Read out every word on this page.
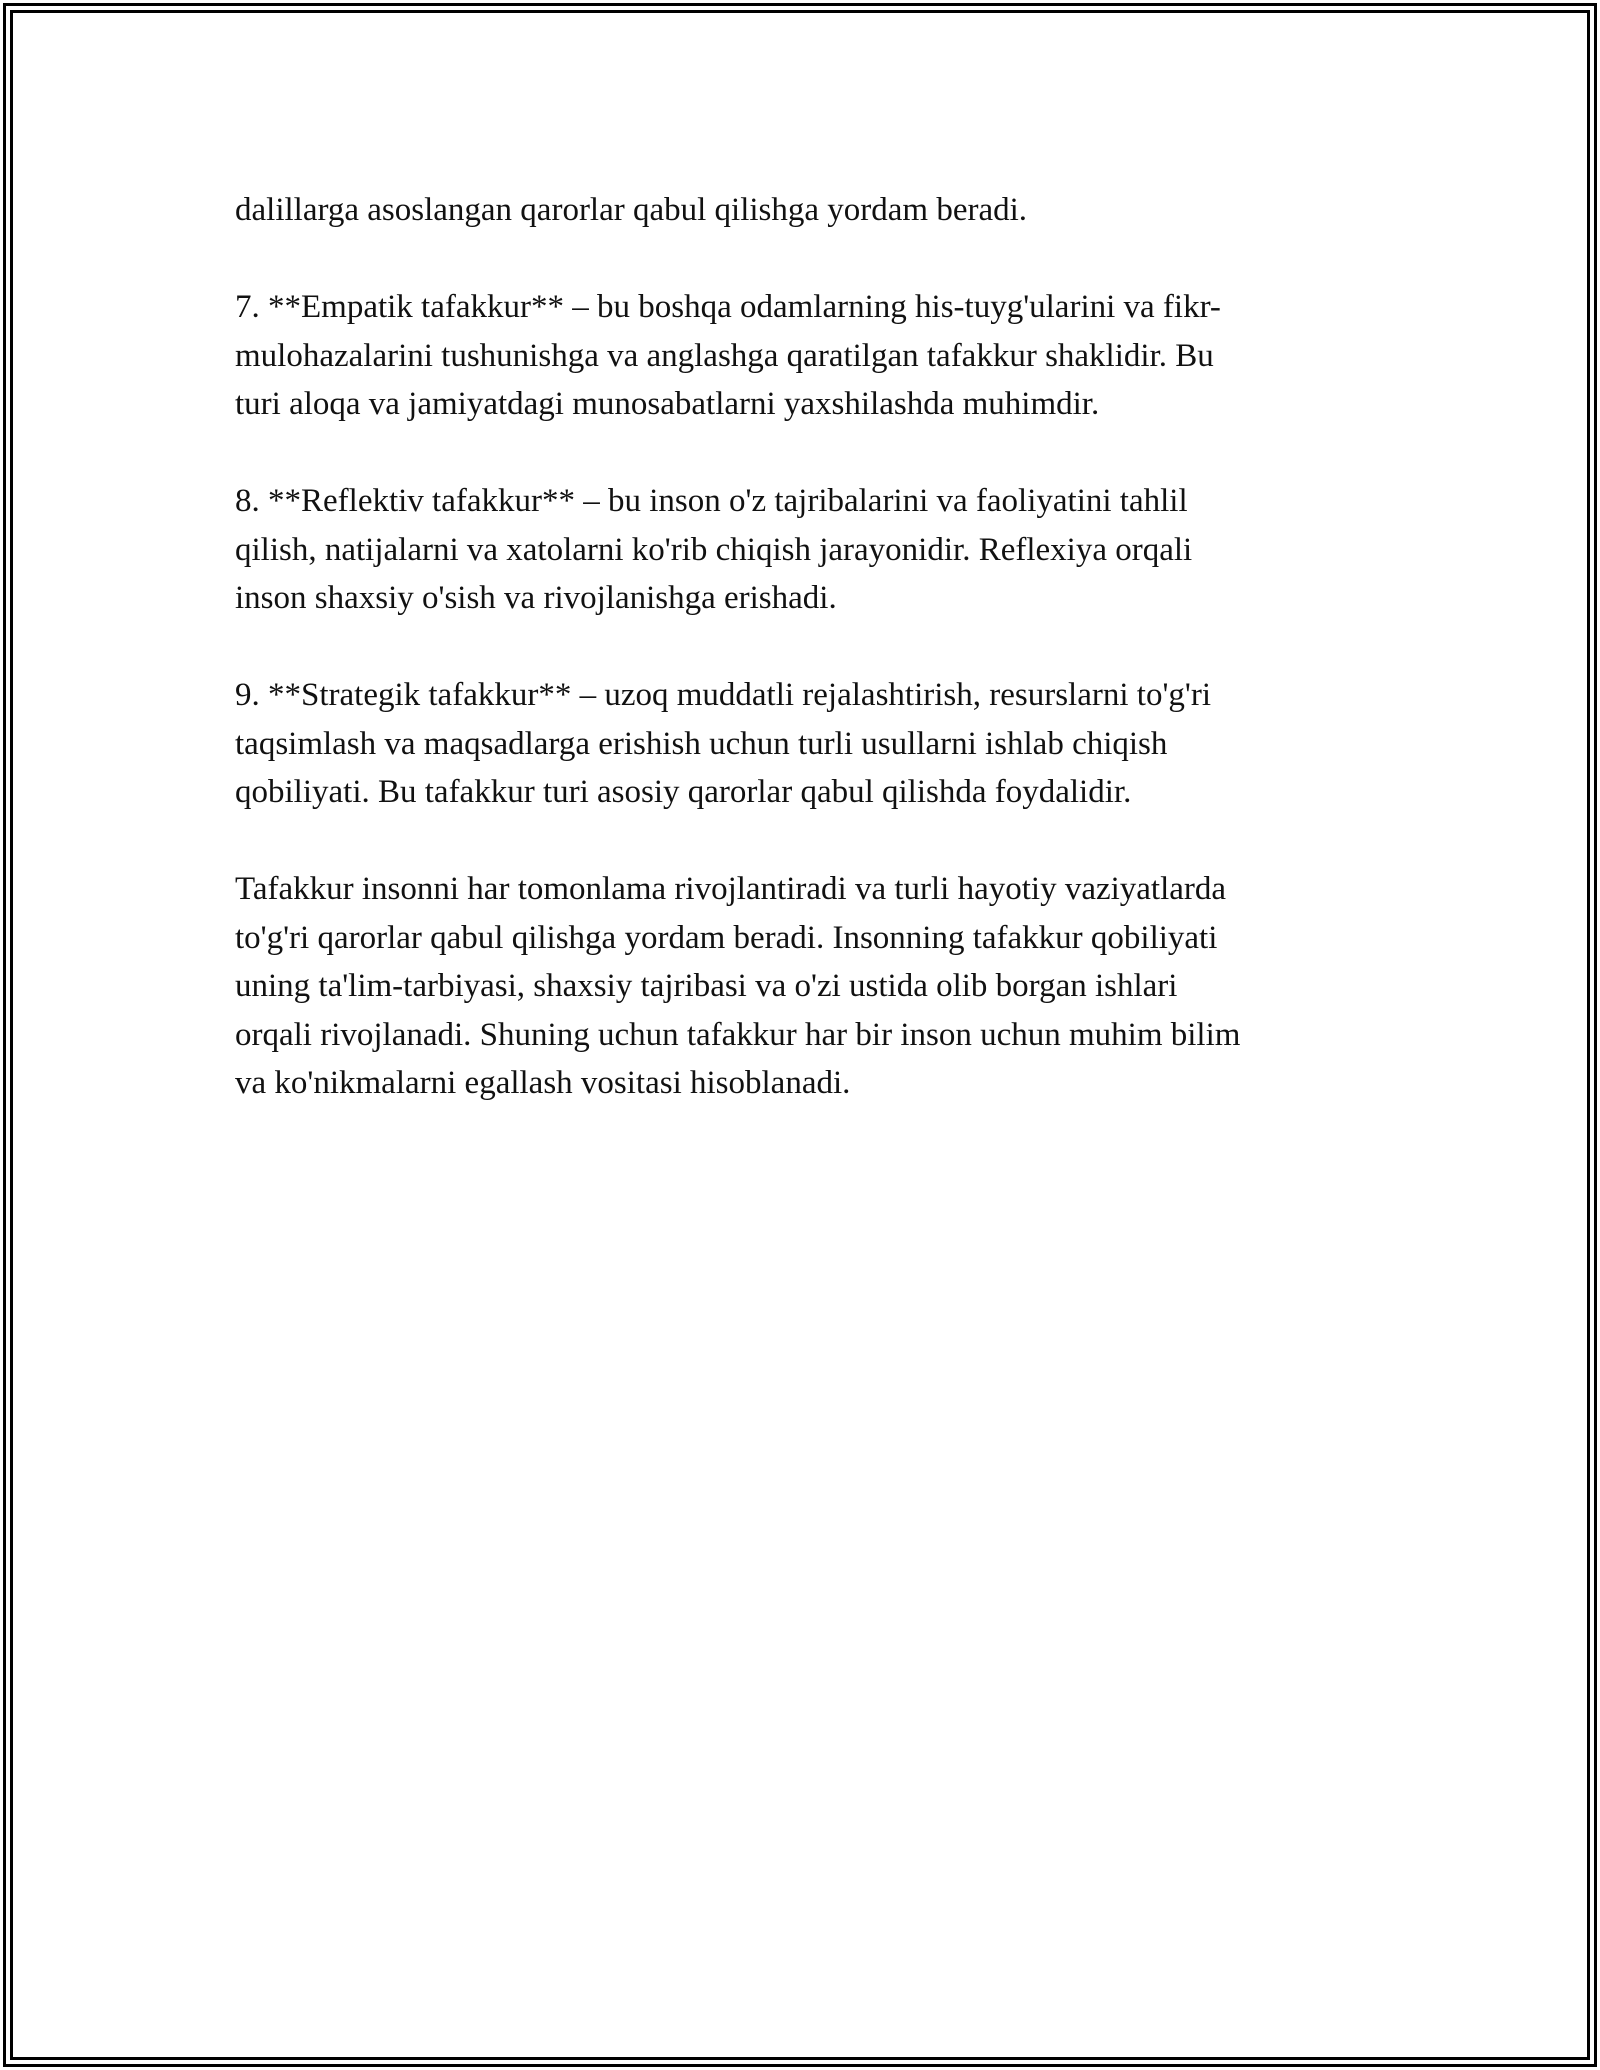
dalillarga asoslangan qarorlar qabul qilishga yordam beradi.

7. **Empatik tafakkur** – bu boshqa odamlarning his-tuyg'ularini va fikr-
mulohazalarini tushunishga va anglashga qaratilgan tafakkur shaklidir. Bu
turi aloqa va jamiyatdagi munosabatlarni yaxshilashda muhimdir.

8. **Reflektiv tafakkur** – bu inson o'z tajribalarini va faoliyatini tahlil
qilish, natijalarni va xatolarni ko'rib chiqish jarayonidir. Reflexiya orqali
inson shaxsiy o'sish va rivojlanishga erishadi.

9. **Strategik tafakkur** – uzoq muddatli rejalashtirish, resurslarni to'g'ri
taqsimlash va maqsadlarga erishish uchun turli usullarni ishlab chiqish
qobiliyati. Bu tafakkur turi asosiy qarorlar qabul qilishda foydalidir.

Tafakkur insonni har tomonlama rivojlantiradi va turli hayotiy vaziyatlarda
to'g'ri qarorlar qabul qilishga yordam beradi. Insonning tafakkur qobiliyati
uning ta'lim-tarbiyasi, shaxsiy tajribasi va o'zi ustida olib borgan ishlari
orqali rivojlanadi. Shuning uchun tafakkur har bir inson uchun muhim bilim
va ko'nikmalarni egallash vositasi hisoblanadi.
